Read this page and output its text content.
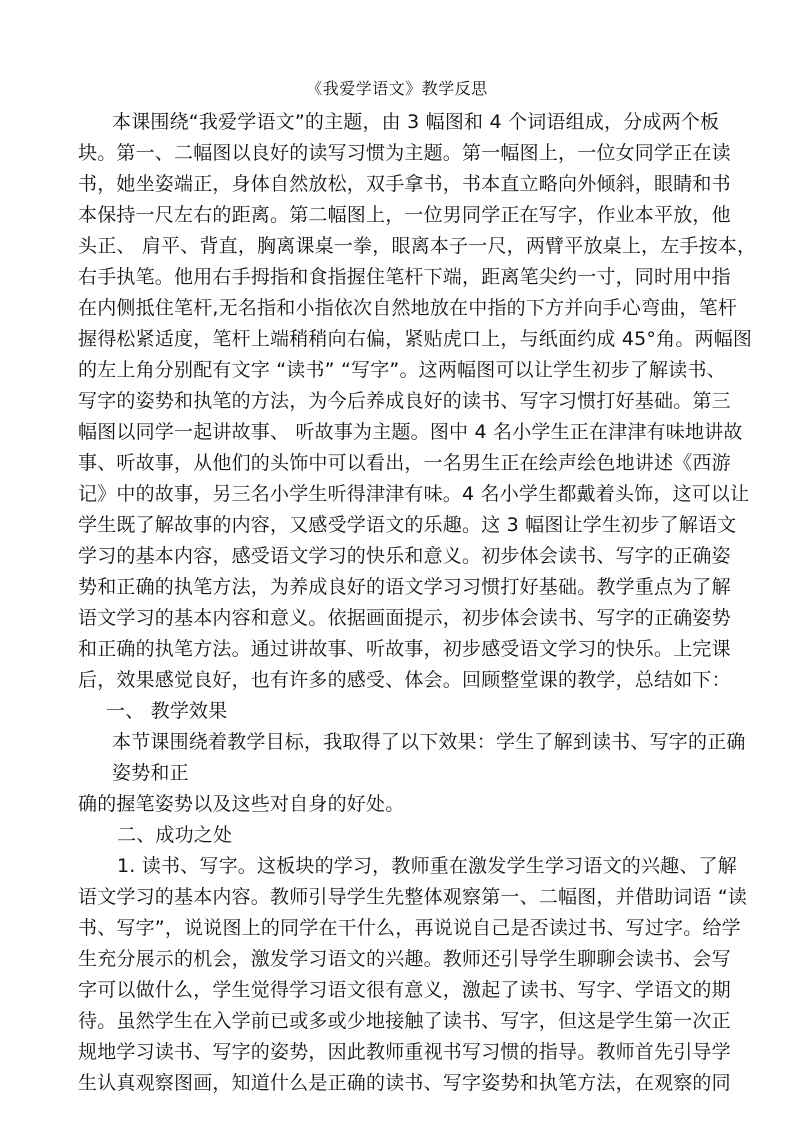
《我爱学语文》教学反思
本课围绕“我爱学语文”的主题，由 3 幅图和 4 个词语组成，分成两个板
块。第一、二幅图以良好的读写习惯为主题。第一幅图上，一位女同学正在读
书，她坐姿端正，身体自然放松，双手拿书，书本直立略向外倾斜，眼睛和书
本保持一尺左右的距离。第二幅图上，一位男同学正在写字，作业本平放，他
头正、 肩平、背直，胸离课桌一拳，眼离本子一尺，两臂平放桌上，左手按本，
右手执笔。他用右手拇指和食指握住笔杆下端，距离笔尖约一寸，同时用中指
在内侧抵住笔杆,无名指和小指依次自然地放在中指的下方并向手心弯曲，笔杆
握得松紧适度，笔杆上端稍稍向右偏，紧贴虎口上，与纸面约成 45°角。两幅图
的左上角分别配有文字 “读书” “写字”。这两幅图可以让学生初步了解读书、
写字的姿势和执笔的方法，为今后养成良好的读书、写字习惯打好基础。第三
幅图以同学一起讲故事、 听故事为主题。图中 4 名小学生正在津津有味地讲故
事、听故事，从他们的头饰中可以看出，一名男生正在绘声绘色地讲述《西游
记》中的故事，另三名小学生听得津津有味。4 名小学生都戴着头饰，这可以让
学生既了解故事的内容，又感受学语文的乐趣。这 3 幅图让学生初步了解语文
学习的基本内容，感受语文学习的快乐和意义。初步体会读书、写字的正确姿
势和正确的执笔方法，为养成良好的语文学习习惯打好基础。教学重点为了解
语文学习的基本内容和意义。依据画面提示，初步体会读书、写字的正确姿势
和正确的执笔方法。通过讲故事、听故事，初步感受语文学习的快乐。上完课
后，效果感觉良好，也有许多的感受、体会。回顾整堂课的教学，总结如下：
一、 教学效果
本节课围绕着教学目标，我取得了以下效果：学生了解到读书、写字的正确
姿势和正
确的握笔姿势以及这些对自身的好处。
二、成功之处
1. 读书、写字。这板块的学习，教师重在激发学生学习语文的兴趣、了解
语文学习的基本内容。教师引导学生先整体观察第一、二幅图，并借助词语 “读
书、写字”，说说图上的同学在干什么，再说说自己是否读过书、写过字。给学
生充分展示的机会，激发学习语文的兴趣。教师还引导学生聊聊会读书、会写
字可以做什么，学生觉得学习语文很有意义，激起了读书、写字、学语文的期
待。虽然学生在入学前已或多或少地接触了读书、写字，但这是学生第一次正
规地学习读书、写字的姿势，因此教师重视书写习惯的指导。教师首先引导学
生认真观察图画，知道什么是正确的读书、写字姿势和执笔方法，在观察的同
